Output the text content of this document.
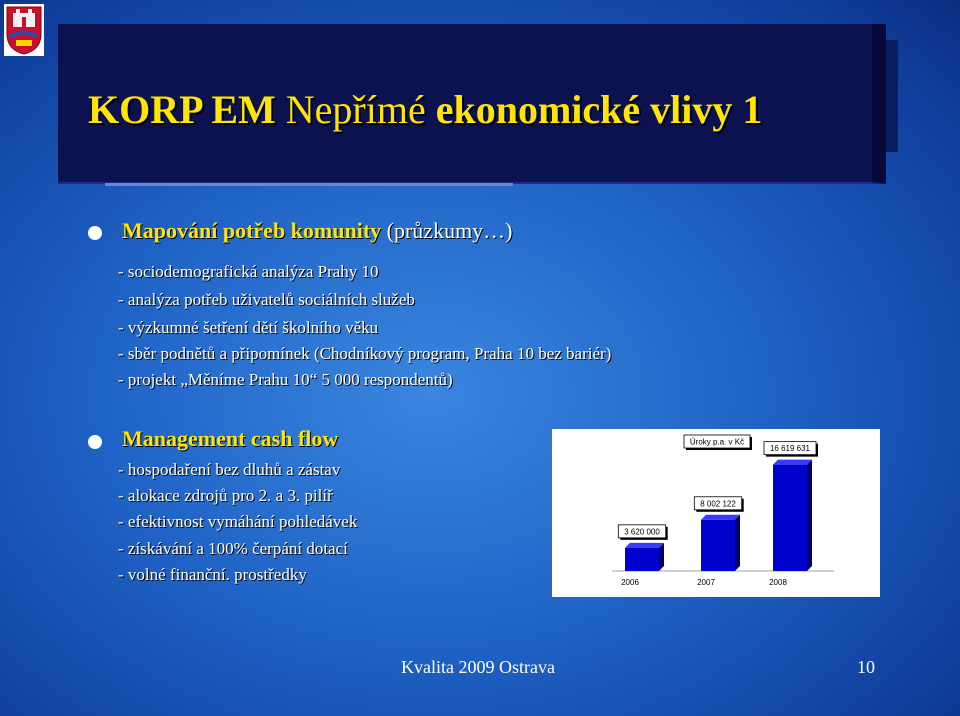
KORP EM Nepřímé ekonomické vlivy 1
Mapování potřeb komunity (průzkumy…)
- sociodemografická analýza Prahy 10
- analýza potřeb uživatelů sociálních služeb
- výzkumné šetření dětí školního věku
- sběr podnětů a připomínek (Chodníkový program, Praha 10 bez bariér)
- projekt „Měníme Prahu 10“ 5 000 respondentů)
Management cash flow
- hospodaření bez dluhů a zástav
- alokace zdrojů pro 2. a 3. pilíř
- efektivnost vymáhání pohledávek
- získávání a 100% čerpání dotací
- volné finanční. prostředky
3 620 000
2006
8 002 122
2007
16 619 631
2008
Úroky p.a. v Kč
Kvalita 2009 Ostrava	10
